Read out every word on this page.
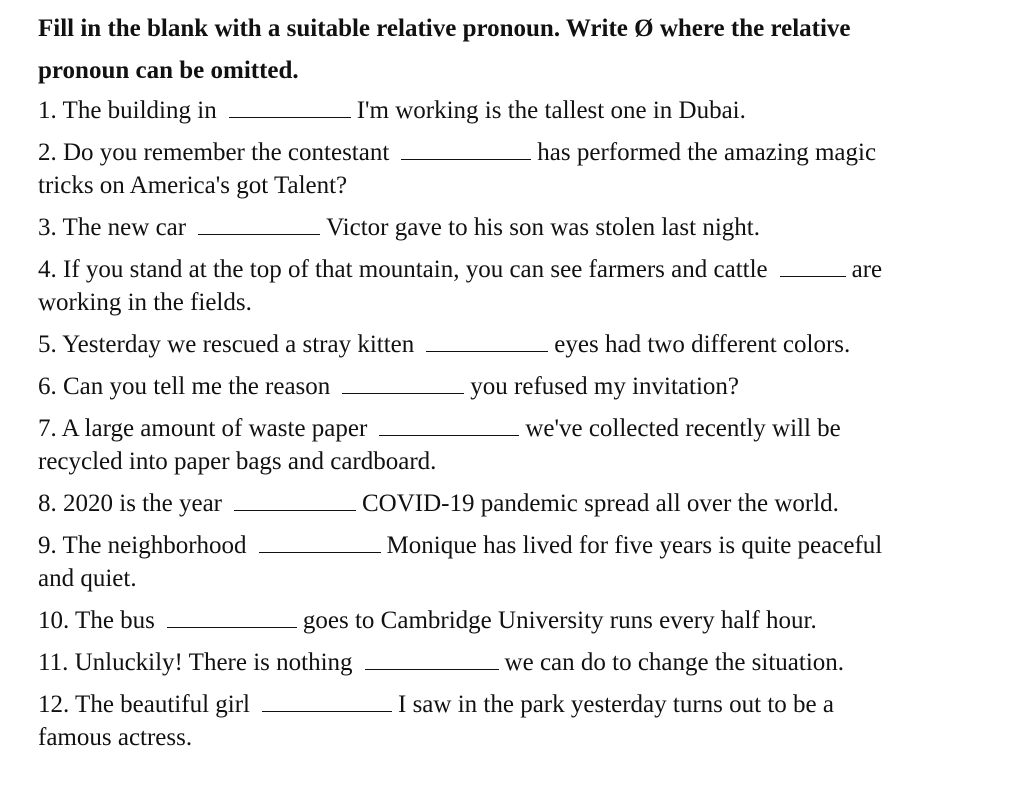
Fill in the blank with a suitable relative pronoun. Write Ø where the relative
pronoun can be omitted.
1. The building in	I'm working is the tallest one in Dubai.
2. Do you remember the contestant	has performed the amazing magic
tricks on America's got Talent?
3. The new car	Victor gave to his son was stolen last night.
4. If you stand at the top of that mountain, you can see farmers and cattle	are
working in the fields.
5. Yesterday we rescued a stray kitten	eyes had two different colors.
6. Can you tell me the reason	you refused my invitation?
7. A large amount of waste paper	we've collected recently will be
recycled into paper bags and cardboard.
8. 2020 is the year	COVID-19 pandemic spread all over the world.
9. The neighborhood	Monique has lived for five years is quite peaceful
and quiet.
10. The bus	goes to Cambridge University runs every half hour.
11. Unluckily! There is nothing	we can do to change the situation.
12. The beautiful girl	I saw in the park yesterday turns out to be a
famous actress.
